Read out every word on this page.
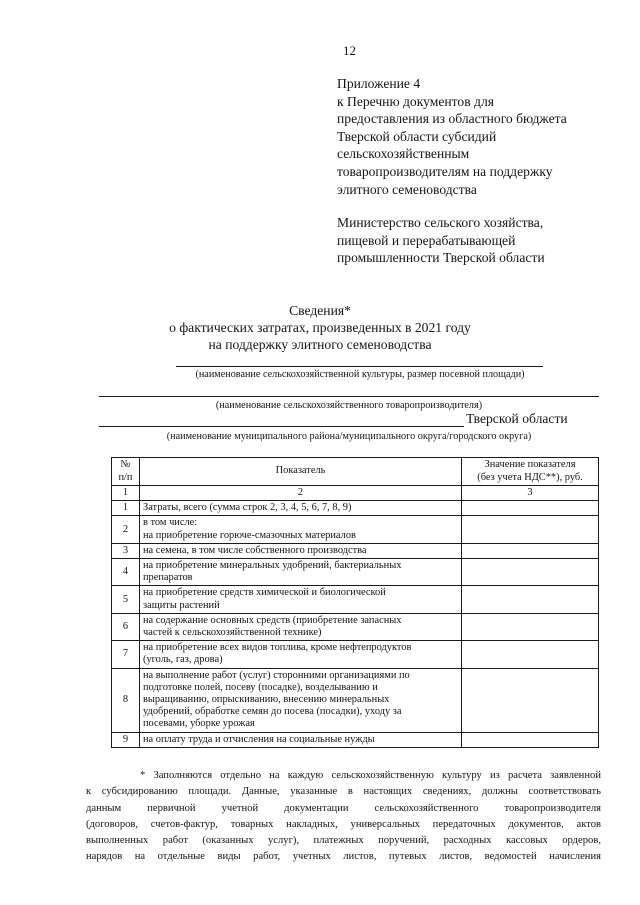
12
Приложение 4
к Перечню документов для
предоставления из областного бюджета
Тверской области субсидий
сельскохозяйственным
товаропроизводителям на поддержку
элитного семеноводства
Министерство сельского хозяйства,
пищевой и перерабатывающей
промышленности Тверской области
Сведения*
о фактических затратах, произведенных в 2021 году
на поддержку элитного семеноводства
(наименование сельскохозяйственной культуры, размер посевной площади)
(наименование сельскохозяйственного товаропроизводителя)
Тверской области
(наименование муниципального района/муниципального округа/городского округа)
№
п/п	Показатель	Значение показателя
(без учета НДС**), руб.
1	2	3
1	Затраты, всего (сумма строк 2, 3, 4, 5, 6, 7, 8, 9)	

2	в том числе:
на приобретение горюче-смазочных материалов	

3	на семена, в том числе собственного производства	

4	на приобретение минеральных удобрений, бактериальных
препаратов	

5	на приобретение средств химической и биологической
защиты растений	

6	на содержание основных средств (приобретение запасных
частей к сельскохозяйственной технике)	

7	на приобретение всех видов топлива, кроме нефтепродуктов
(уголь, газ, дрова)	

8	на выполнение работ (услуг) сторонними организациями по
подготовке полей, посеву (посадке), возделыванию и
выращиванию, опрыскиванию, внесению минеральных
удобрений, обработке семян до посева (посадки), уходу за
посевами, уборке урожая	

9	на оплату труда и отчисления на социальные нужды	

* Заполняются отдельно на каждую сельскохозяйственную культуру из расчета заявленной
к субсидированию площади. Данные, указанные в настоящих сведениях, должны соответствовать
данным первичной учетной документации сельскохозяйственного товаропроизводителя
(договоров, счетов-фактур, товарных накладных, универсальных передаточных документов, актов
выполненных работ (оказанных услуг), платежных поручений, расходных кассовых ордеров,
нарядов на отдельные виды работ, учетных листов, путевых листов, ведомостей начисления
